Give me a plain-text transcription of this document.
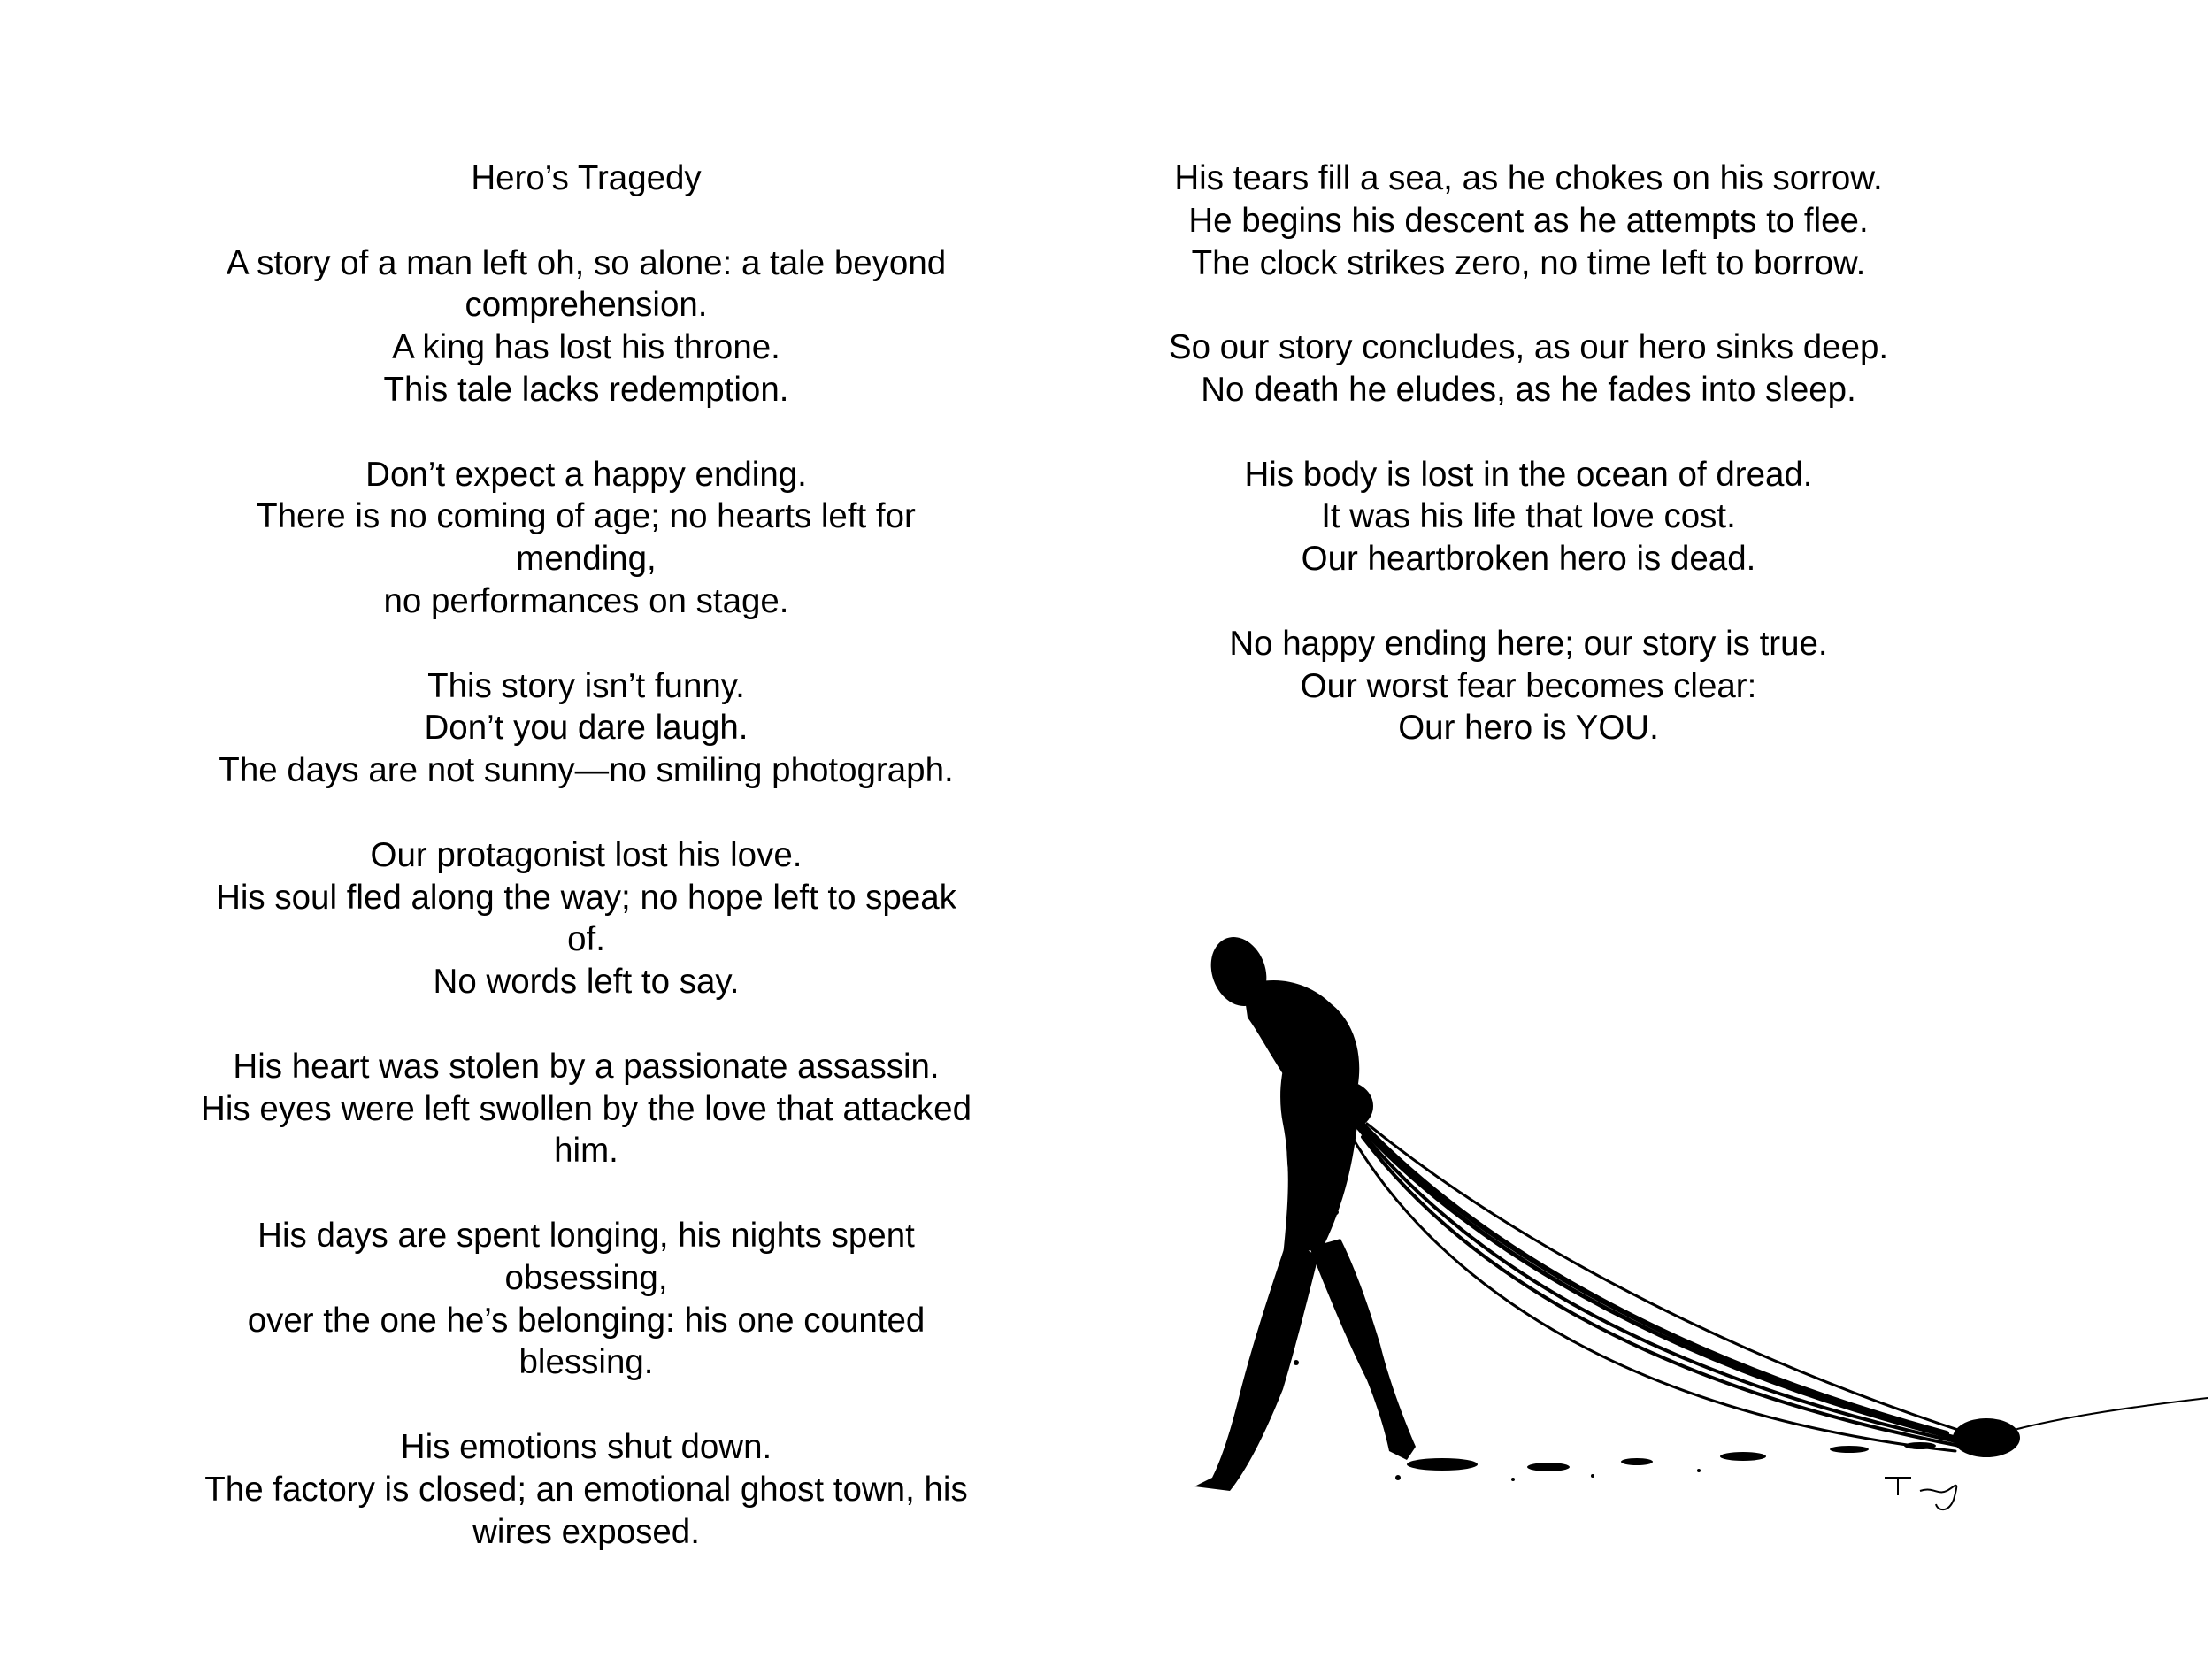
Hero’s Tragedy
A story of a man left oh, so alone: a tale beyond
comprehension.
A king has lost his throne.
This tale lacks redemption.
Don’t expect a happy ending.
There is no coming of age; no hearts left for
mending,
no performances on stage.
This story isn’t funny.
Don’t you dare laugh.
The days are not sunny—no smiling photograph.
Our protagonist lost his love.
His soul fled along the way; no hope left to speak
of.
No words left to say.
His heart was stolen by a passionate assassin.
His eyes were left swollen by the love that attacked
him.
His days are spent longing, his nights spent
obsessing,
over the one he’s belonging: his one counted
blessing.
His emotions shut down.
The factory is closed; an emotional ghost town, his
wires exposed.
His tears fill a sea, as he chokes on his sorrow.
He begins his descent as he attempts to flee.
The clock strikes zero, no time left to borrow.
So our story concludes, as our hero sinks deep.
No death he eludes, as he fades into sleep.
His body is lost in the ocean of dread.
It was his life that love cost.
Our heartbroken hero is dead.
No happy ending here; our story is true.
Our worst fear becomes clear:
Our hero is YOU.
